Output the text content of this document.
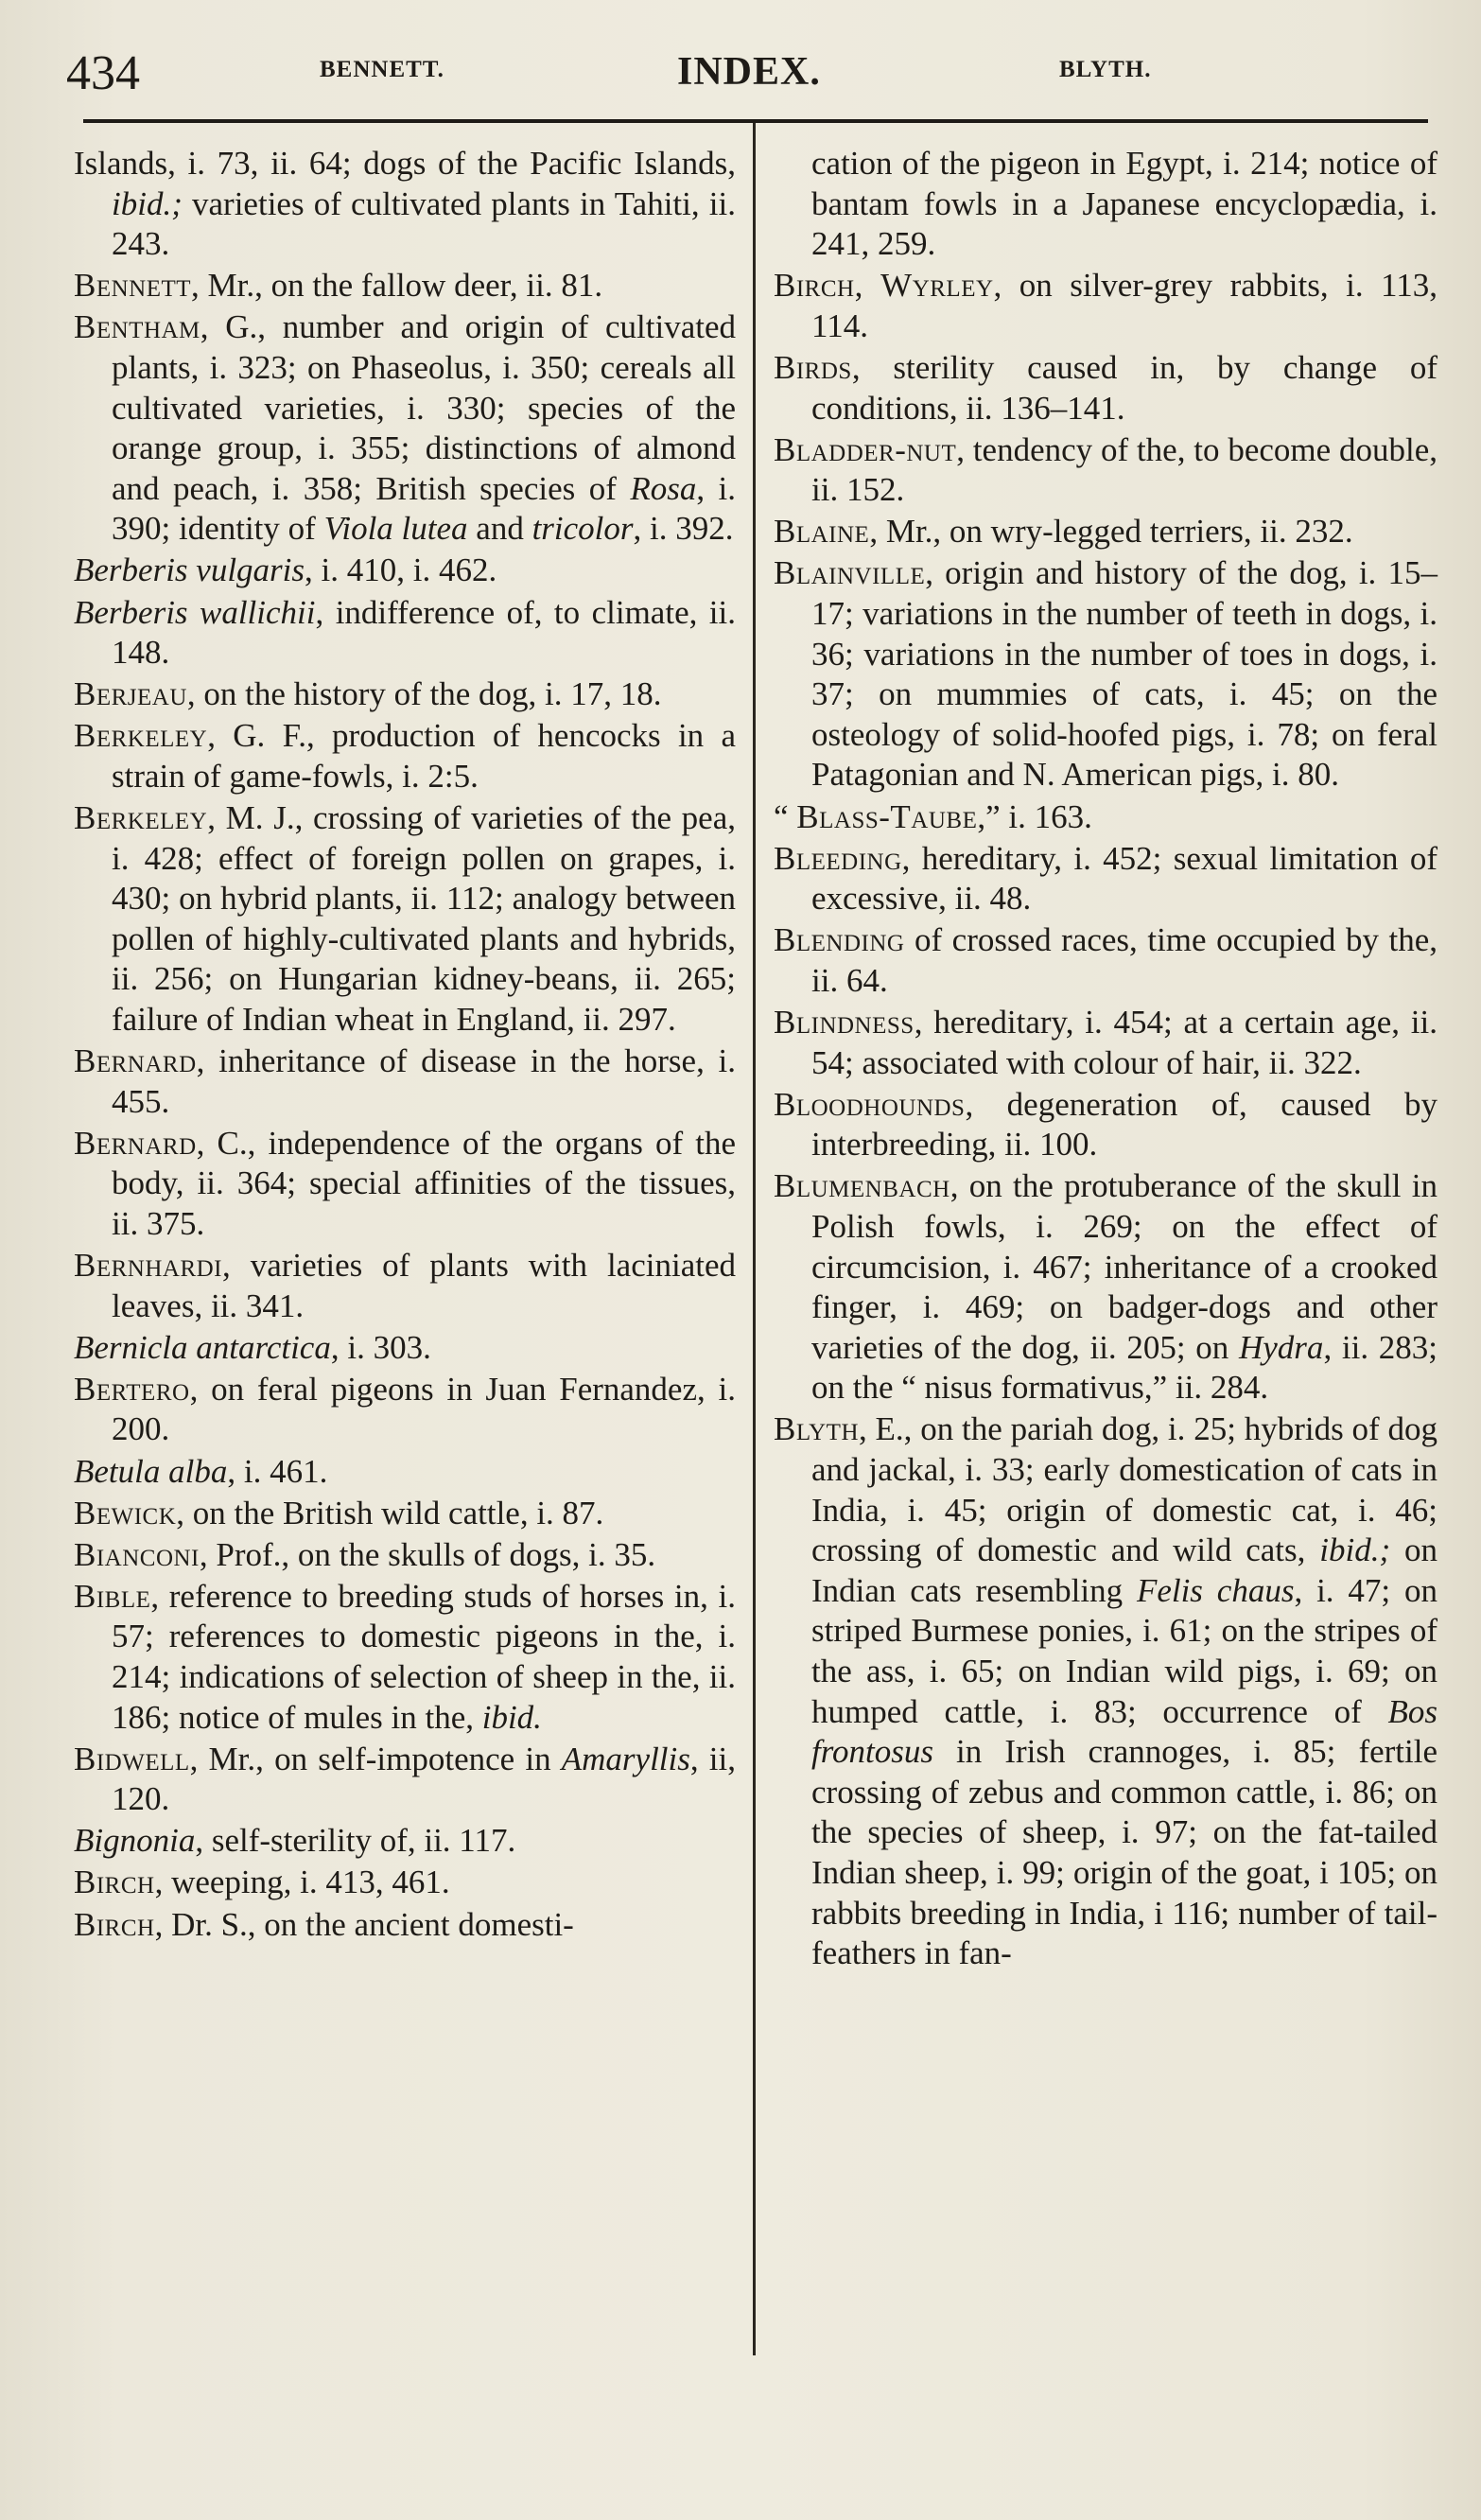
434	BENNETT.	INDEX.	BLYTH.

Islands, i. 73, ii. 64; dogs of the Pacific Islands, ibid.; varieties of cultivated plants in Tahiti, ii. 243.

Bennett, Mr., on the fallow deer, ii. 81.

Bentham, G., number and origin of cultivated plants, i. 323; on Phaseolus, i. 350; cereals all cultivated varieties, i. 330; species of the orange group, i. 355; distinctions of almond and peach, i. 358; British species of Rosa, i. 390; identity of Viola lutea and tricolor, i. 392.

Berberis vulgaris, i. 410, i. 462.

Berberis wallichii, indifference of, to climate, ii. 148.

Berjeau, on the history of the dog, i. 17, 18.

Berkeley, G. F., production of hencocks in a strain of game-fowls, i. 2:5.

Berkeley, M. J., crossing of varieties of the pea, i. 428; effect of foreign pollen on grapes, i. 430; on hybrid plants, ii. 112; analogy between pollen of highly-cultivated plants and hybrids, ii. 256; on Hungarian kidney-beans, ii. 265; failure of Indian wheat in England, ii. 297.

Bernard, inheritance of disease in the horse, i. 455.

Bernard, C., independence of the organs of the body, ii. 364; special affinities of the tissues, ii. 375.

Bernhardi, varieties of plants with laciniated leaves, ii. 341.

Bernicla antarctica, i. 303.

Bertero, on feral pigeons in Juan Fernandez, i. 200.

Betula alba, i. 461.

Bewick, on the British wild cattle, i. 87.

Bianconi, Prof., on the skulls of dogs, i. 35.

Bible, reference to breeding studs of horses in, i. 57; references to domestic pigeons in the, i. 214; indications of selection of sheep in the, ii. 186; notice of mules in the, ibid.

Bidwell, Mr., on self-impotence in Amaryllis, ii, 120.

Bignonia, self-sterility of, ii. 117.

Birch, weeping, i. 413, 461.

Birch, Dr. S., on the ancient domesti-

cation of the pigeon in Egypt, i. 214; notice of bantam fowls in a Japanese encyclopædia, i. 241, 259.

Birch, Wyrley, on silver-grey rabbits, i. 113, 114.

Birds, sterility caused in, by change of conditions, ii. 136–141.

Bladder-nut, tendency of the, to become double, ii. 152.

Blaine, Mr., on wry-legged terriers, ii. 232.

Blainville, origin and history of the dog, i. 15–17; variations in the number of teeth in dogs, i. 36; variations in the number of toes in dogs, i. 37; on mummies of cats, i. 45; on the osteology of solid-hoofed pigs, i. 78; on feral Patagonian and N. American pigs, i. 80.

“ Blass-Taube,” i. 163.

Bleeding, hereditary, i. 452; sexual limitation of excessive, ii. 48.

Blending of crossed races, time occupied by the, ii. 64.

Blindness, hereditary, i. 454; at a certain age, ii. 54; associated with colour of hair, ii. 322.

Bloodhounds, degeneration of, caused by interbreeding, ii. 100.

Blumenbach, on the protuberance of the skull in Polish fowls, i. 269; on the effect of circumcision, i. 467; inheritance of a crooked finger, i. 469; on badger-dogs and other varieties of the dog, ii. 205; on Hydra, ii. 283; on the “ nisus formativus,” ii. 284.

Blyth, E., on the pariah dog, i. 25; hybrids of dog and jackal, i. 33; early domestication of cats in India, i. 45; origin of domestic cat, i. 46; crossing of domestic and wild cats, ibid.; on Indian cats resembling Felis chaus, i. 47; on striped Burmese ponies, i. 61; on the stripes of the ass, i. 65; on Indian wild pigs, i. 69; on humped cattle, i. 83; occurrence of Bos frontosus in Irish crannoges, i. 85; fertile crossing of zebus and common cattle, i. 86; on the species of sheep, i. 97; on the fat-tailed Indian sheep, i. 99; origin of the goat, i 105; on rabbits breeding in India, i 116; number of tail-feathers in fan-
